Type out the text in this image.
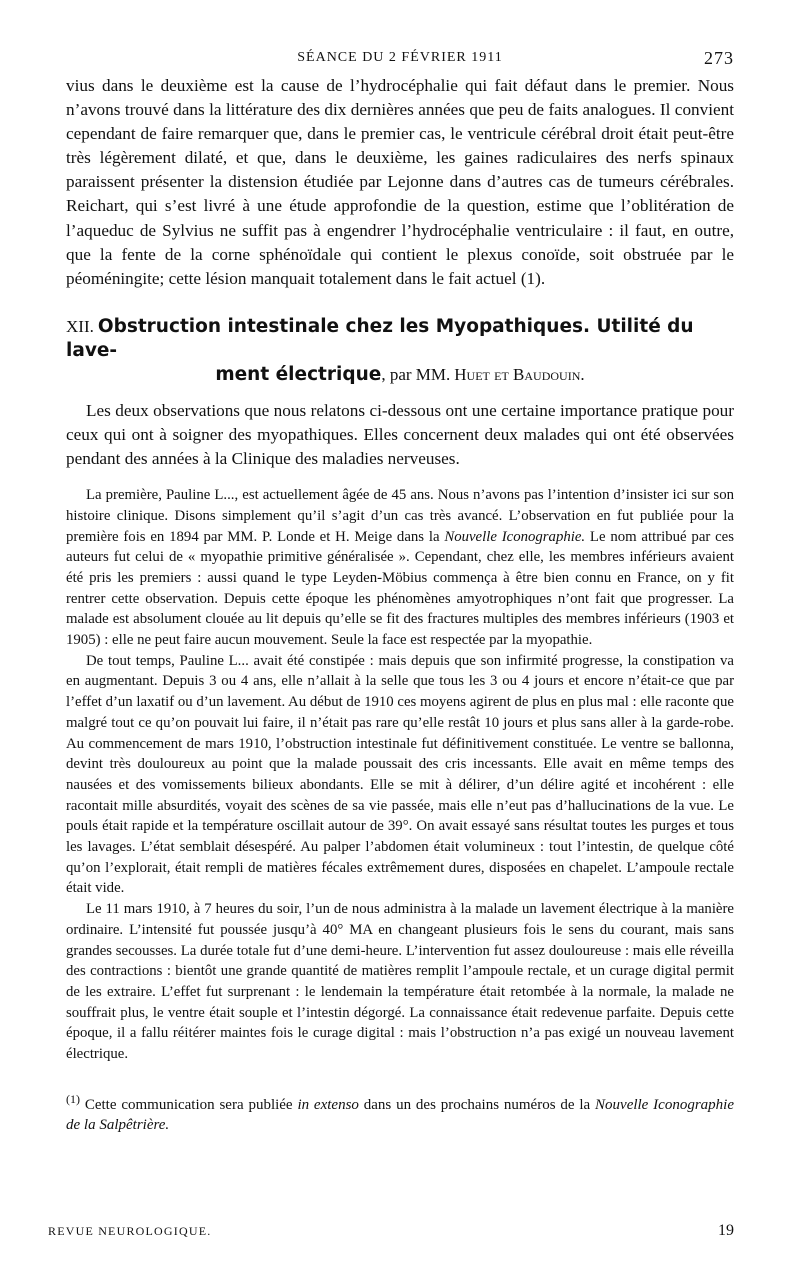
SÉANCE DU 2 FÉVRIER 1911	273

vius dans le deuxième est la cause de l’hydrocéphalie qui fait défaut dans le premier. Nous n’avons trouvé dans la littérature des dix dernières années que peu de faits analogues. Il convient cependant de faire remarquer que, dans le premier cas, le ventricule cérébral droit était peut-être très légèrement dilaté, et que, dans le deuxième, les gaines radiculaires des nerfs spinaux paraissent présenter la distension étudiée par Lejonne dans d’autres cas de tumeurs cérébrales. Reichart, qui s’est livré à une étude approfondie de la question, estime que l’oblitération de l’aqueduc de Sylvius ne suffit pas à engendrer l’hydrocéphalie ventriculaire : il faut, en outre, que la fente de la corne sphénoïdale qui contient le plexus conoïde, soit obstruée par le péoméningite; cette lésion manquait totalement dans le fait actuel (1).

XII. Obstruction intestinale chez les Myopathiques. Utilité du lave-
ment électrique, par MM. Huet et Baudouin.

Les deux observations que nous relatons ci-dessous ont une certaine importance pratique pour ceux qui ont à soigner des myopathiques. Elles concernent deux malades qui ont été observées pendant des années à la Clinique des maladies nerveuses.

La première, Pauline L..., est actuellement âgée de 45 ans. Nous n’avons pas l’intention d’insister ici sur son histoire clinique. Disons simplement qu’il s’agit d’un cas très avancé. L’observation en fut publiée pour la première fois en 1894 par MM. P. Londe et H. Meige dans la Nouvelle Iconographie. Le nom attribué par ces auteurs fut celui de « myopathie primitive généralisée ». Cependant, chez elle, les membres inférieurs avaient été pris les premiers : aussi quand le type Leyden-Möbius commença à être bien connu en France, on y fit rentrer cette observation. Depuis cette époque les phénomènes amyotrophiques n’ont fait que progresser. La malade est absolument clouée au lit depuis qu’elle se fit des fractures multiples des membres inférieurs (1903 et 1905) : elle ne peut faire aucun mouvement. Seule la face est respectée par la myopathie.

De tout temps, Pauline L... avait été constipée : mais depuis que son infirmité progresse, la constipation va en augmentant. Depuis 3 ou 4 ans, elle n’allait à la selle que tous les 3 ou 4 jours et encore n’était-ce que par l’effet d’un laxatif ou d’un lavement. Au début de 1910 ces moyens agirent de plus en plus mal : elle raconte que malgré tout ce qu’on pouvait lui faire, il n’était pas rare qu’elle restât 10 jours et plus sans aller à la garde-robe. Au commencement de mars 1910, l’obstruction intestinale fut définitivement constituée. Le ventre se ballonna, devint très douloureux au point que la malade poussait des cris incessants. Elle avait en même temps des nausées et des vomissements bilieux abondants. Elle se mit à délirer, d’un délire agité et incohérent : elle racontait mille absurdités, voyait des scènes de sa vie passée, mais elle n’eut pas d’hallucinations de la vue. Le pouls était rapide et la température oscillait autour de 39°. On avait essayé sans résultat toutes les purges et tous les lavages. L’état semblait désespéré. Au palper l’abdomen était volumineux : tout l’intestin, de quelque côté qu’on l’explorait, était rempli de matières fécales extrêmement dures, disposées en chapelet. L’ampoule rectale était vide.

Le 11 mars 1910, à 7 heures du soir, l’un de nous administra à la malade un lavement électrique à la manière ordinaire. L’intensité fut poussée jusqu’à 40° MA en changeant plusieurs fois le sens du courant, mais sans grandes secousses. La durée totale fut d’une demi-heure. L’intervention fut assez douloureuse : mais elle réveilla des contractions : bientôt une grande quantité de matières remplit l’ampoule rectale, et un curage digital permit de les extraire. L’effet fut surprenant : le lendemain la température était retombée à la normale, la malade ne souffrait plus, le ventre était souple et l’intestin dégorgé. La connaissance était redevenue parfaite. Depuis cette époque, il a fallu réitérer maintes fois le curage digital : mais l’obstruction n’a pas exigé un nouveau lavement électrique.

$^{(1)}$ Cette communication sera publiée in extenso dans un des prochains numéros de la Nouvelle Iconographie de la Salpêtrière.

REVUE NEUROLOGIQUE.	19
